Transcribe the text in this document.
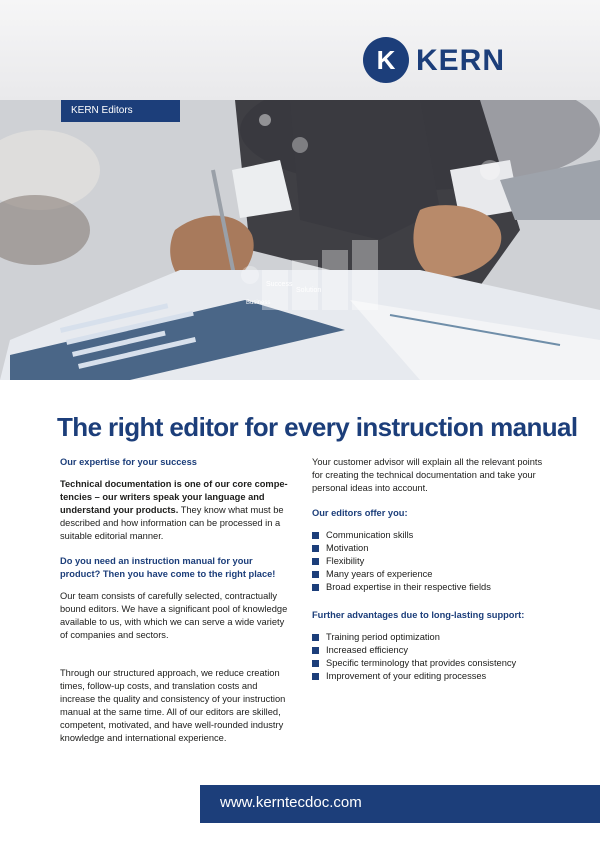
K KERN
Success
Solution
Business
KERN Editors
The right editor for every instruction manual
Our expertise for your success

Technical documentation is one of our core compe-tencies – our writers speak your language and understand your products. They know what must be described and how information can be processed in a suitable editorial manner.

Do you need an instruction manual for your product? Then you have come to the right place!

Our team consists of carefully selected, contractually bound editors. We have a significant pool of knowledge available to us, with which we can serve a wide variety of companies and sectors.

Through our structured approach, we reduce creation times, follow-up costs, and translation costs and increase the quality and consistency of your instruction manual at the same time. All of our editors are skilled, competent, motivated, and have well-rounded industry knowledge and international experience.

Your customer advisor will explain all the relevant points for creating the technical documentation and take your personal ideas into account.

Our editors offer you:
Communication skills
Motivation
Flexibility
Many years of experience
Broad expertise in their respective fields
Further advantages due to long-lasting support:
Training period optimization
Increased efficiency
Specific terminology that provides consistency
Improvement of your editing processes
www.kerntecdoc.com
